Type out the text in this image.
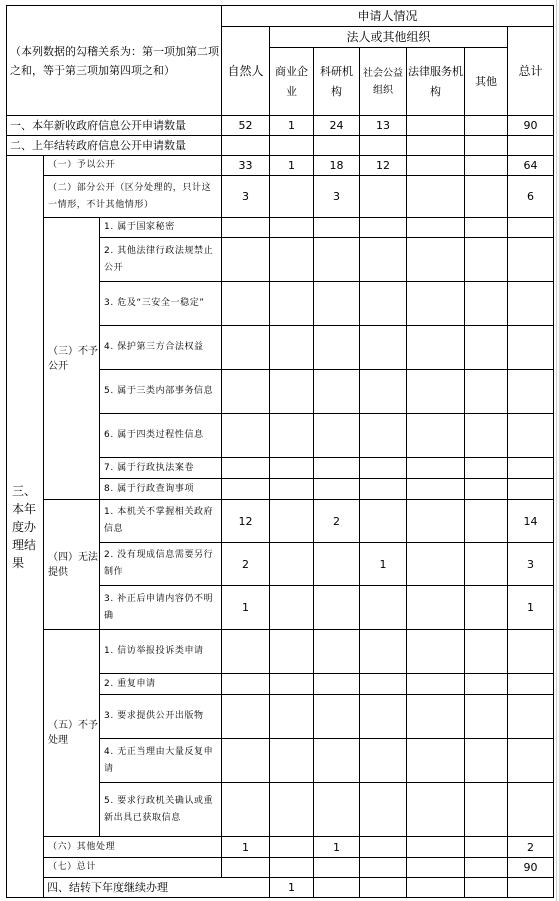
（本列数据的勾稽关系为：第一项加第二项之和，等于第三项加第四项之和）			申请人情况							
			自然人	法人或其他组织					总计	
				商业企业	科研机构	社会公益组织	法律服务机构	其他		
一、本年新收政府信息公开申请数量			52	1	24	13			90	
二、上年结转政府信息公开申请数量										
三、本年度办理结果	（一）予以公开		33	1	18	12			64	
	（二）部分公开（区分处理的，只计这一情形，不计其他情形）		3		3				6	
	（三）不予公开	1. 属于国家秘密								
		2. 其他法律行政法规禁止公开								
		3. 危及“三安全一稳定”								
		4. 保护第三方合法权益								
		5. 属于三类内部事务信息								
		6. 属于四类过程性信息								
		7. 属于行政执法案卷								
		8. 属于行政查询事项								
	（四）无法提供	1. 本机关不掌握相关政府信息	12		2				14	
		2. 没有现成信息需要另行制作	2			1			3	
		3. 补正后申请内容仍不明确	1						1	
	（五）不予处理	1. 信访举报投诉类申请								
		2. 重复申请								
		3. 要求提供公开出版物								
		4. 无正当理由大量反复申请								
		5. 要求行政机关确认或重新出具已获取信息								
	（六）其他处理		1		1				2	
	（七）总计								90	
	四、结转下年度继续办理			1						
